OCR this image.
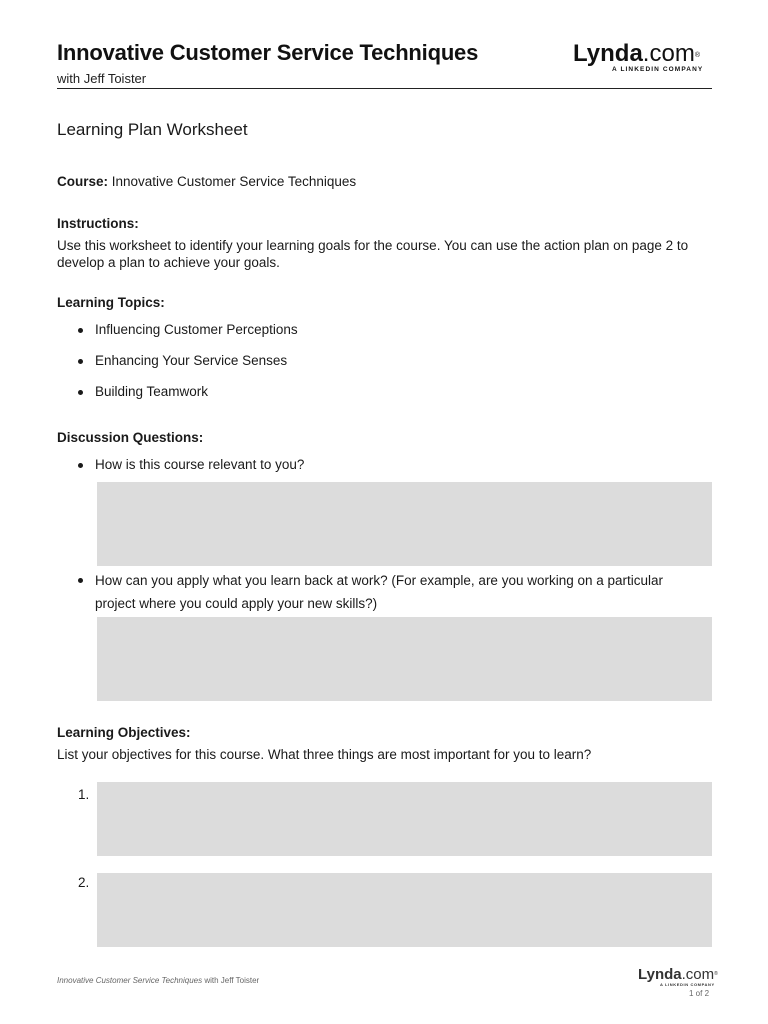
Innovative Customer Service Techniques
with Jeff Toister
Lynda.com®
A LINKEDIN COMPANY
Learning Plan Worksheet
Course: Innovative Customer Service Techniques
Instructions:
Use this worksheet to identify your learning goals for the course. You can use the action plan on page 2 to develop a plan to achieve your goals.
Learning Topics:
Influencing Customer Perceptions
Enhancing Your Service Senses
Building Teamwork
Discussion Questions:
How is this course relevant to you?
How can you apply what you learn back at work? (For example, are you working on a particular project where you could apply your new skills?)
Learning Objectives:
List your objectives for this course. What three things are most important for you to learn?
1.
2.
Innovative Customer Service Techniques with Jeff Toister	Lynda.com®
A LINKEDIN COMPANY
1 of 2
